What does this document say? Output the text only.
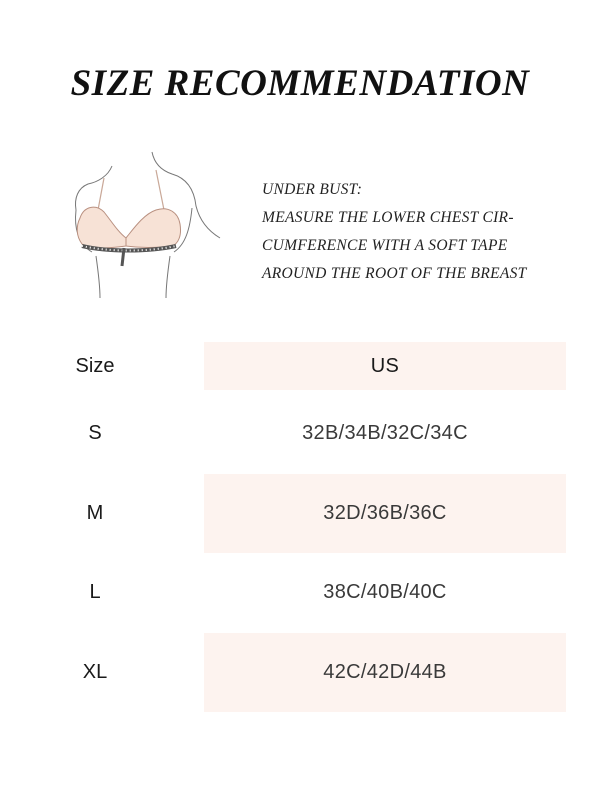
SIZE RECOMMENDATION
UNDER BUST:
MEASURE THE LOWER CHEST CIR-
CUMFERENCE WITH A SOFT TAPE
AROUND THE ROOT OF THE BREAST
Size	US
S	32B/34B/32C/34C
M	32D/36B/36C
L	38C/40B/40C
XL	42C/42D/44B
